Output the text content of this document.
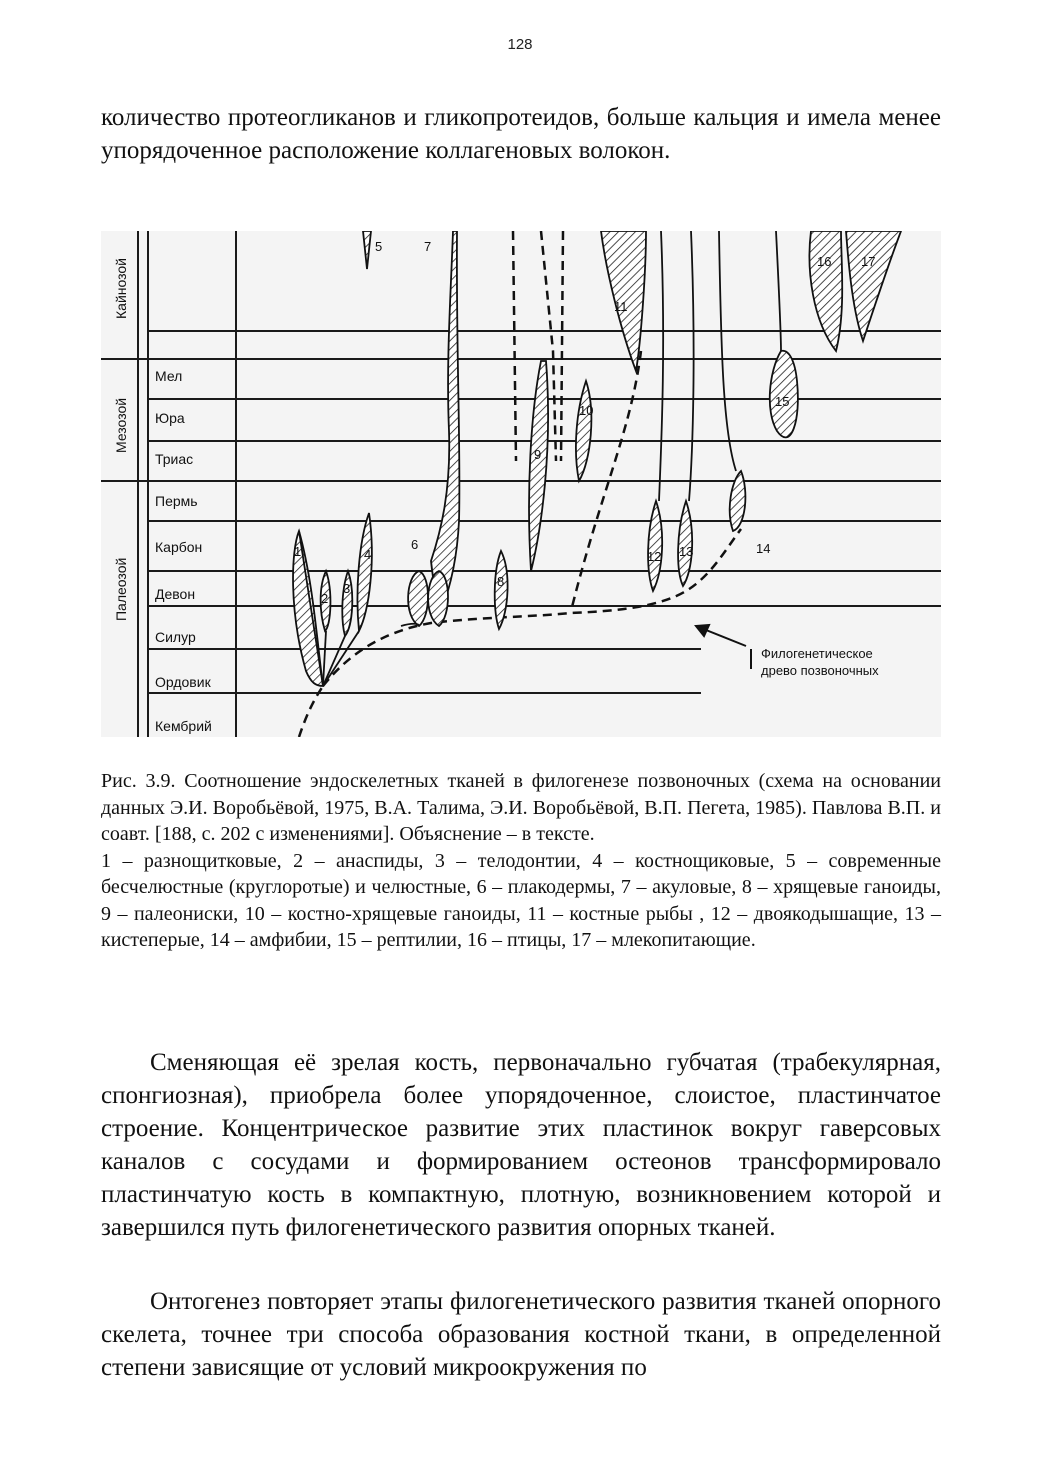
128

количество протеогликанов и гликопротеидов, больше кальция и имела менее упорядоченное расположение коллагеновых волокон.

Кайнозой
Мезозой
Палеозой
Мел
Юра
Триас
Пермь
Карбон
Девон
Силур
Ордовик
Кембрий
1
2
3
4
5
6
7
8
9
10
11
12 13	14
15
16 17
Филогенетическое
древо позвоночных

Рис. 3.9. Соотношение эндоскелетных тканей в филогенезе позвоночных (схема на основании данных Э.И. Воробьёвой, 1975, В.А. Талима, Э.И. Воробьёвой, В.П. Пегета, 1985). Павлова В.П. и соавт. [188, с. 202 с изменениями]. Объяснение – в тексте.

1 – разнощитковые, 2 – анаспиды, 3 – телодонтии, 4 – костнощиковые, 5 – современные бесчелюстные (круглоротые) и челюстные, 6 – плакодермы, 7 – акуловые, 8 – хрящевые ганоиды, 9 – палеониски, 10 – костно-хрящевые ганоиды, 11 – костные рыбы , 12 – двоякодышащие, 13 – кистеперые, 14 – амфибии, 15 – рептилии, 16 – птицы, 17 – млекопитающие.

Сменяющая её зрелая кость, первоначально губчатая (трабекулярная, спонгиозная), приобрела более упорядоченное, слоистое, пластинчатое строение. Концентрическое развитие этих пластинок вокруг гаверсовых каналов с сосудами и формированием остеонов трансформировало пластинчатую кость в компактную, плотную, возникновением которой и завершился путь филогенетического развития опорных тканей.

Онтогенез повторяет этапы филогенетического развития тканей опорного скелета, точнее три способа образования костной ткани, в определенной степени зависящие от условий микроокружения по
